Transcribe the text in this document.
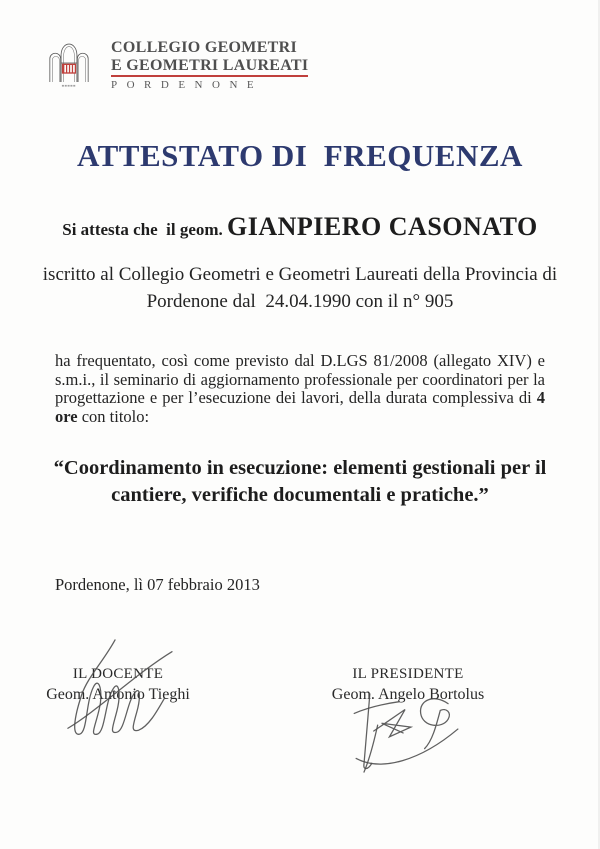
COLLEGIO GEOMETRI
E GEOMETRI LAUREATI
PORDENONE
ATTESTATO DI  FREQUENZA
Si attesta che  il geom. GIANPIERO CASONATO
iscritto al Collegio Geometri e Geometri Laureati della Provincia di
Pordenone dal  24.04.1990 con il n° 905
ha frequentato, così come previsto dal D.LGS 81/2008 (allegato XIV) e s.m.i., il seminario di aggiornamento professionale per coordinatori per la progettazione e per l’esecuzione dei lavori, della durata complessiva di 4 ore con titolo:
“Coordinamento in esecuzione: elementi gestionali per il
cantiere, verifiche documentali e pratiche.”
Pordenone, lì 07 febbraio 2013
IL DOCENTE
Geom. Antonio Tieghi
IL PRESIDENTE
Geom. Angelo Bortolus
